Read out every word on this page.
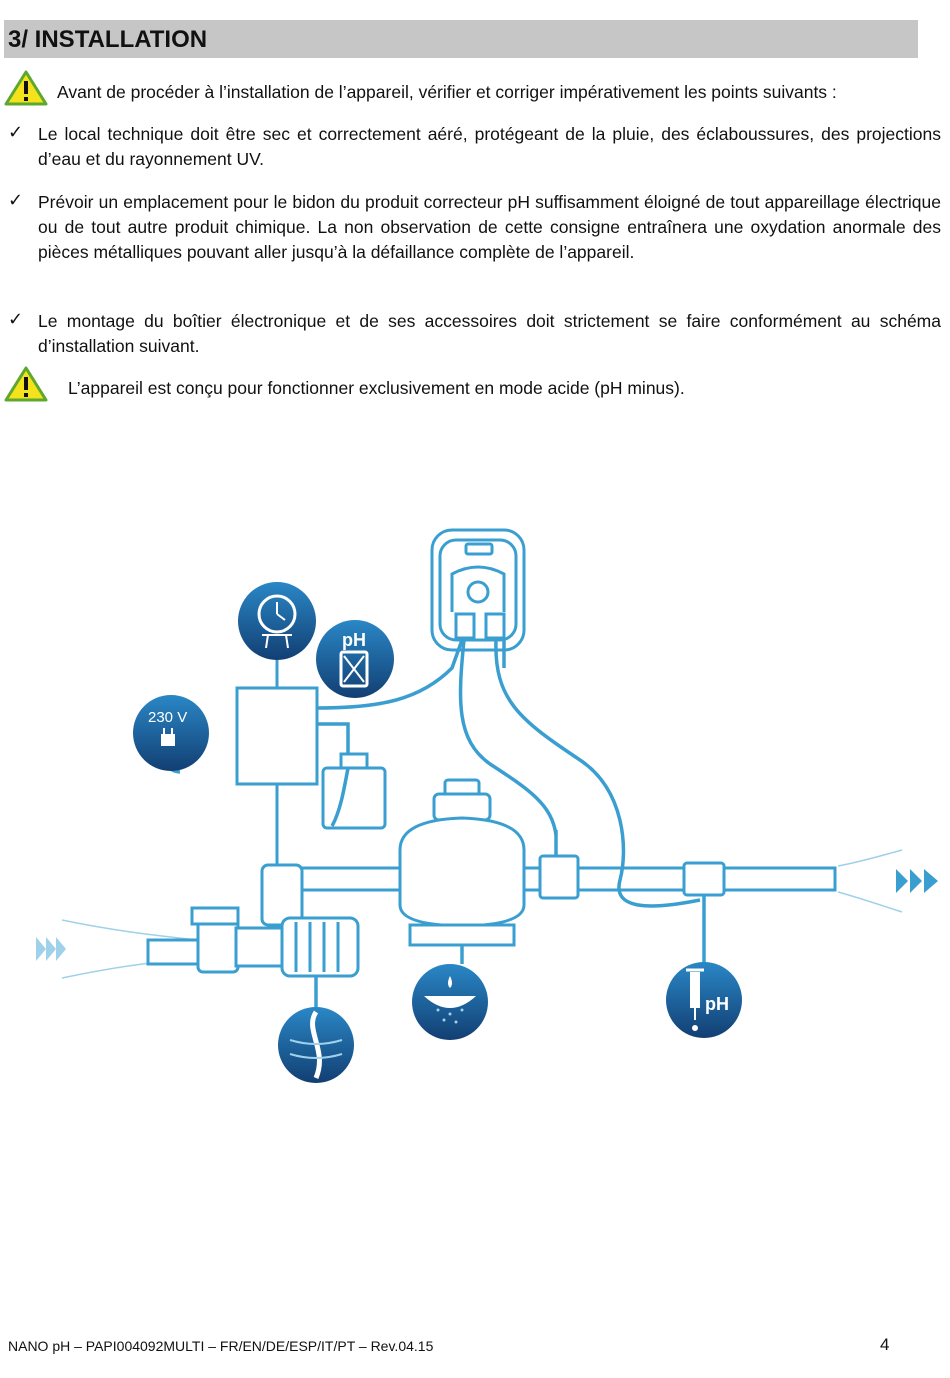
3/ INSTALLATION
Avant de procéder à l’installation de l’appareil, vérifier et corriger impérativement les points suivants :
✓ Le local technique doit être sec et correctement aéré, protégeant de la pluie, des éclaboussures, des projections d’eau et du rayonnement UV.

✓ Prévoir un emplacement pour le bidon du produit correcteur pH suffisamment éloigné de tout appareillage électrique ou de tout autre produit chimique. La non observation de cette consigne entraînera une oxydation anormale des pièces métalliques pouvant aller jusqu’à la défaillance complète de l’appareil.

✓ Le montage du boîtier électronique et de ses accessoires doit strictement se faire conformément au schéma d’installation suivant.

L’appareil est conçu pour fonctionner exclusivement en mode acide (pH minus).
pH
230 V
pH
NANO pH – PAPI004092MULTI – FR/EN/DE/ESP/IT/PT – Rev.04.15	4
